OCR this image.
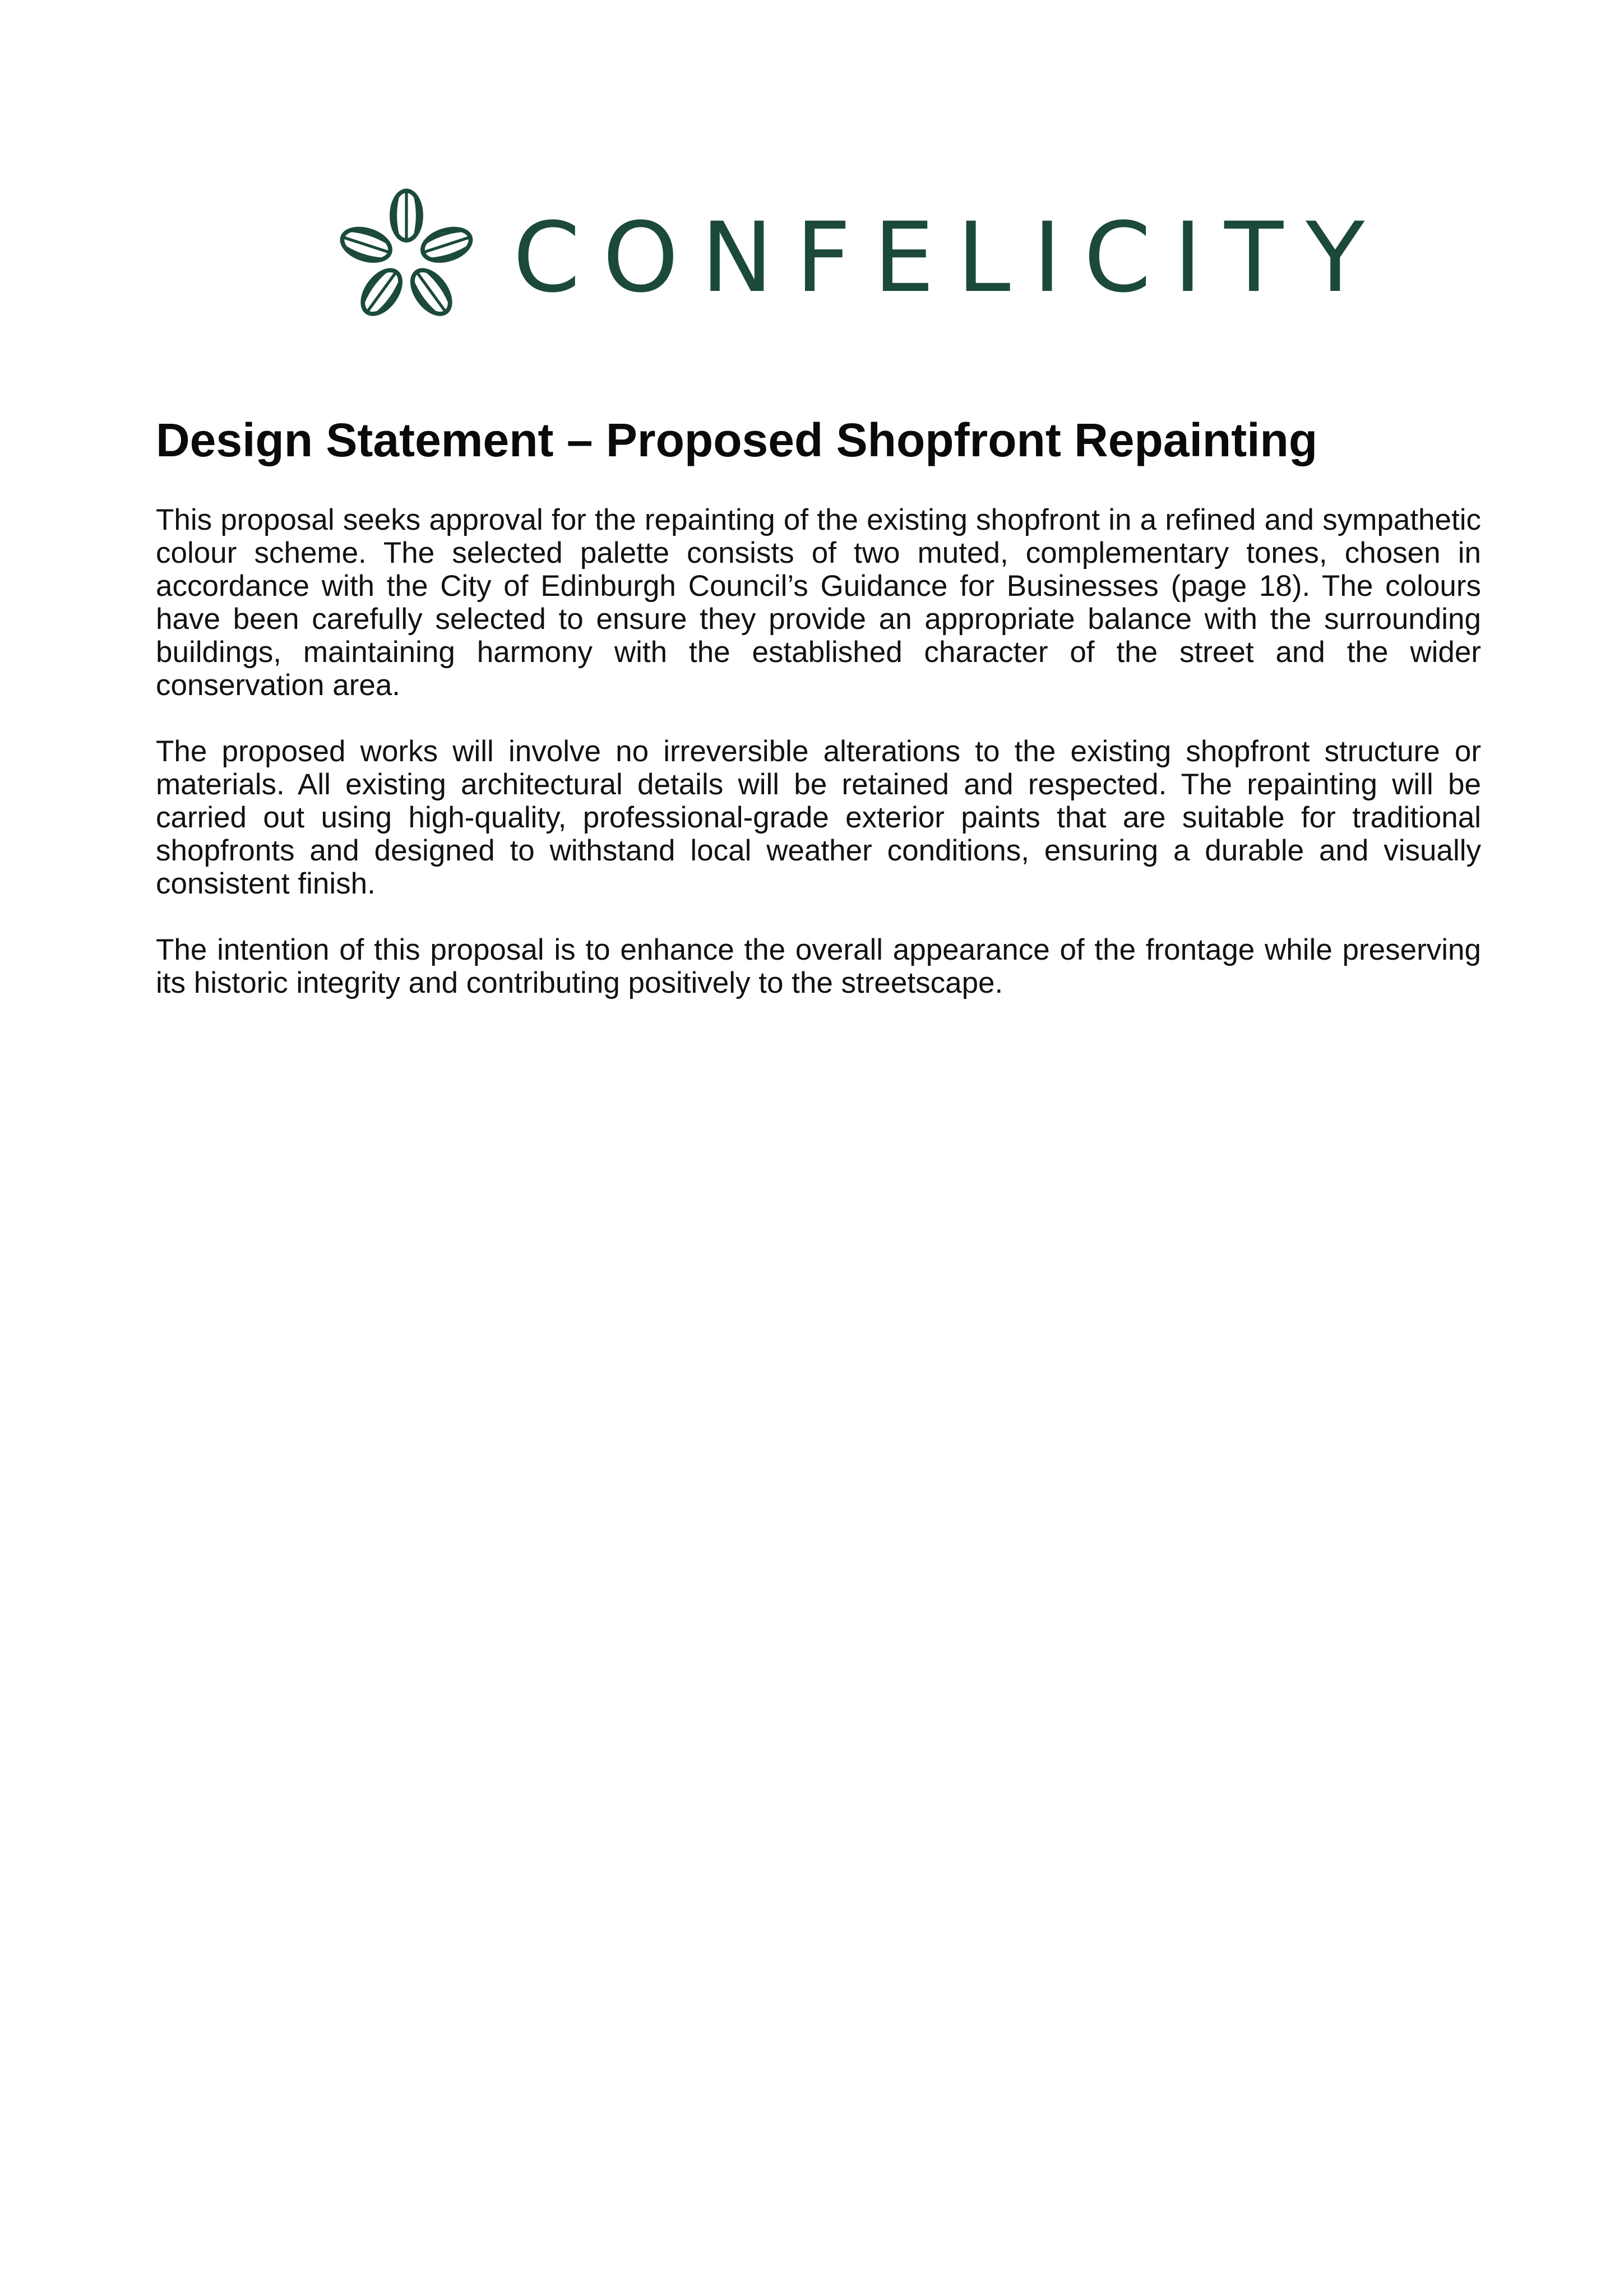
CONFELICITY
Design Statement – Proposed Shopfront Repainting

This proposal seeks approval for the repainting of the existing shopfront in a refined and sympathetic colour scheme. The selected palette consists of two muted, complementary tones, chosen in accordance with the City of Edinburgh Council’s Guidance for Businesses (page 18). The colours have been carefully selected to ensure they provide an appropriate balance with the surrounding buildings, maintaining harmony with the established character of the street and the wider conservation area.

The proposed works will involve no irreversible alterations to the existing shopfront structure or materials. All existing architectural details will be retained and respected. The repainting will be carried out using high-quality, professional-grade exterior paints that are suitable for traditional shopfronts and designed to withstand local weather conditions, ensuring a durable and visually consistent finish.

The intention of this proposal is to enhance the overall appearance of the frontage while preserving its historic integrity and contributing positively to the streetscape.
